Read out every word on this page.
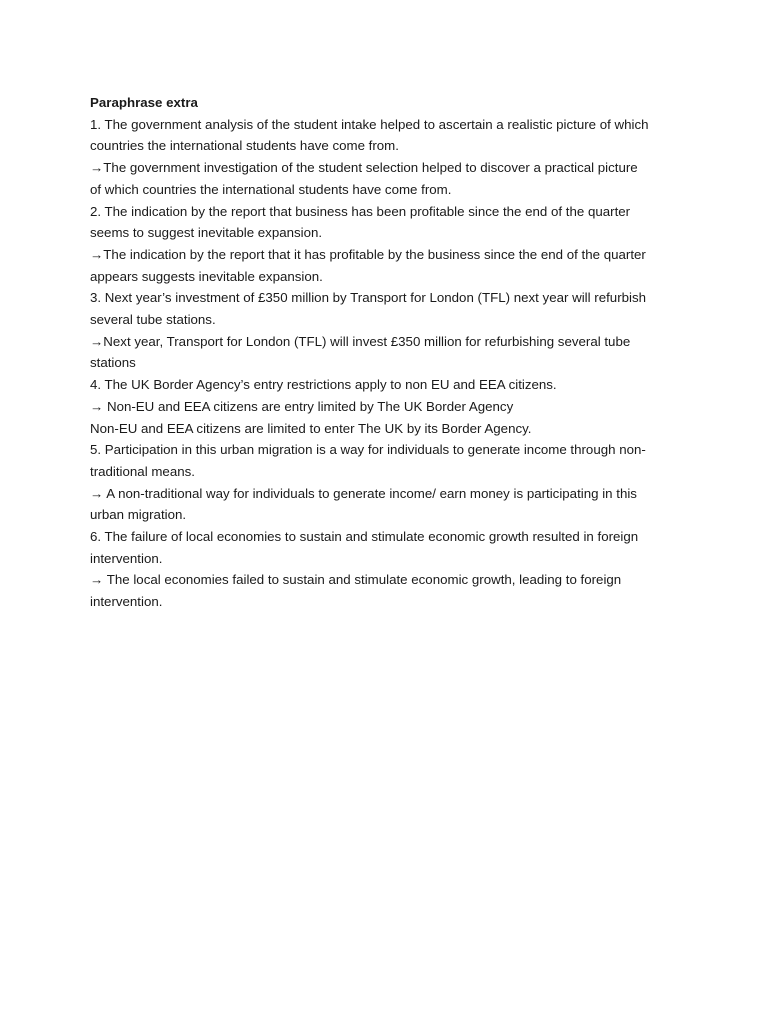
Paraphrase extra

1. The government analysis of the student intake helped to ascertain a realistic picture of which

countries the international students have come from.

→The government investigation of the student selection helped to discover a practical picture

of which countries the international students have come from.

2. The indication by the report that business has been profitable since the end of the quarter

seems to suggest inevitable expansion.

→The indication by the report that it has profitable by the business since the end of the quarter

appears suggests inevitable expansion.

3. Next year’s investment of £350 million by Transport for London (TFL) next year will refurbish

several tube stations.

→Next year, Transport for London (TFL) will invest £350 million for refurbishing several tube

stations

4. The UK Border Agency’s entry restrictions apply to non EU and EEA citizens.

→ Non-EU and EEA citizens are entry limited by The UK Border Agency

Non-EU and EEA citizens are limited to enter The UK by its Border Agency.

5. Participation in this urban migration is a way for individuals to generate income through non-

traditional means.

→ A non-traditional way for individuals to generate income/ earn money is participating in this

urban migration.

6. The failure of local economies to sustain and stimulate economic growth resulted in foreign

intervention.

→ The local economies failed to sustain and stimulate economic growth, leading to foreign

intervention.
